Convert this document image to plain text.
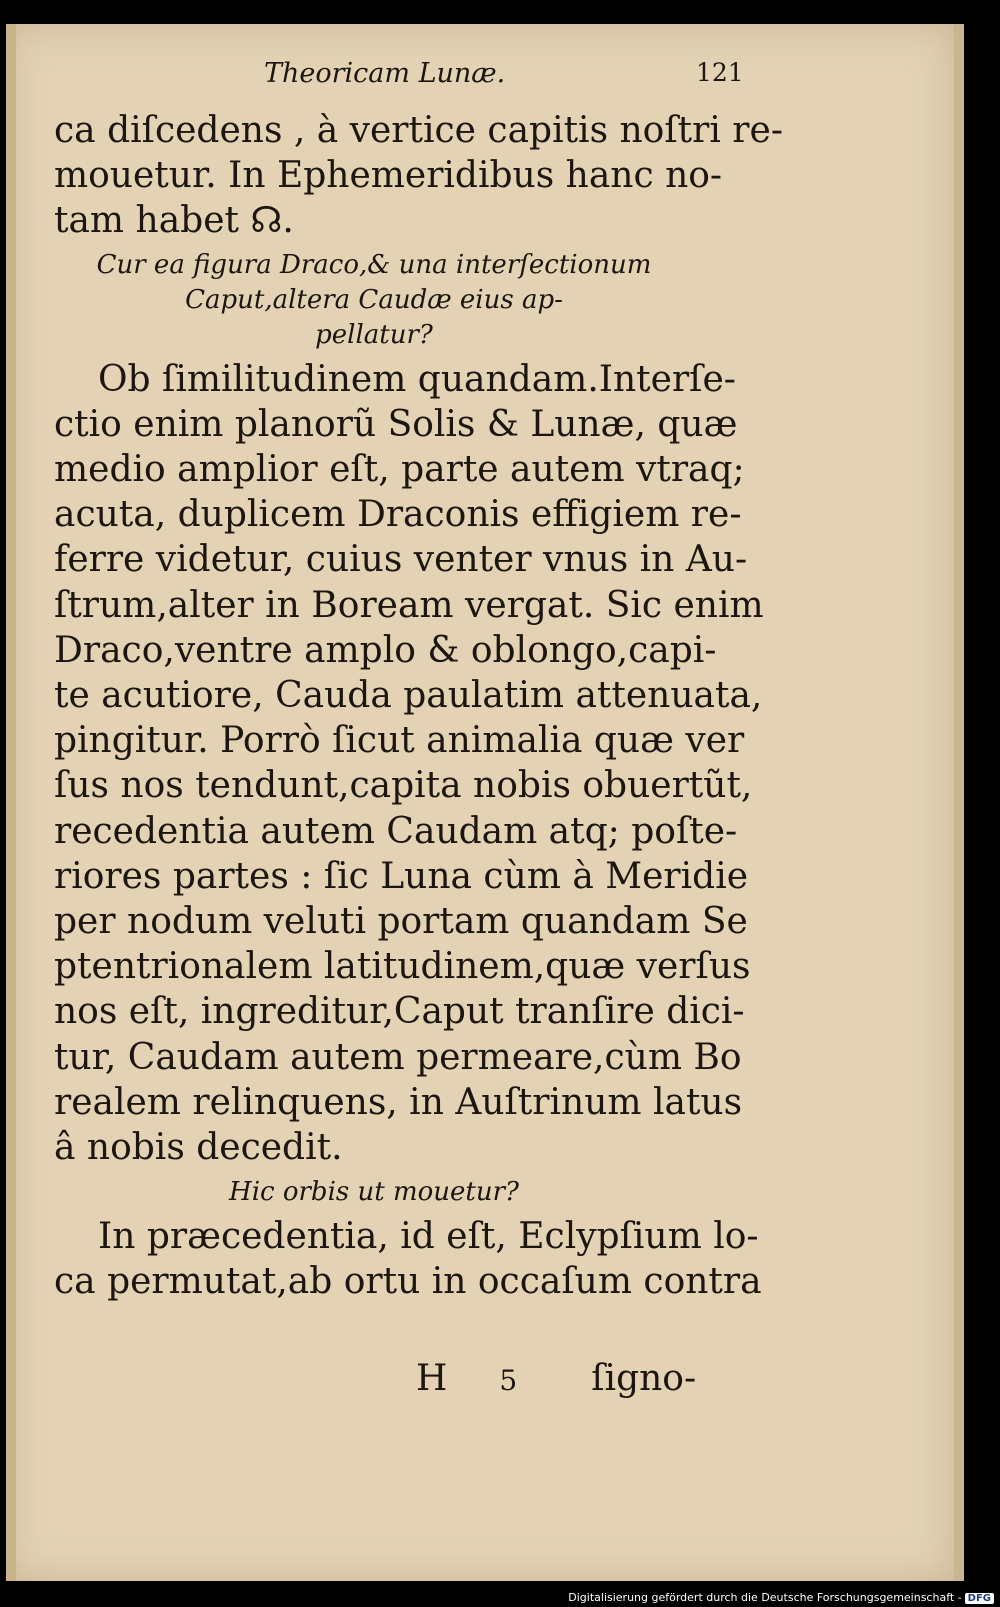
Theoricam Lunæ.	121
ca diſcedens , à vertice capitis noſtri re-
mouetur. In Ephemeridibus hanc no-
tam habet ☊.
Cur ea figura Draco,& una interſectionum
Caput,altera Caudæ eius ap-
pellatur?
Ob ſimilitudinem quandam.Interſe-
ctio enim planorũ Solis & Lunæ, quæ
medio amplior eſt, parte autem vtraq;
acuta, duplicem Draconis effigiem re-
ferre videtur, cuius venter vnus in Au-
ſtrum,alter in Boream vergat. Sic enim
Draco,ventre amplo & oblongo,capi-
te acutiore, Cauda paulatim attenuata,
pingitur. Porrò ſicut animalia quæ ver
ſus nos tendunt,capita nobis obuertũt,
recedentia autem Caudam atq; poſte-
riores partes : ſic Luna cùm à Meridie
per nodum veluti portam quandam Se
ptentrionalem latitudinem,quæ verſus
nos eſt, ingreditur,Caput tranſire dici-
tur, Caudam autem permeare,cùm Bo
realem relinquens, in Auſtrinum latus
â nobis decedit.
Hic orbis ut mouetur?
In præcedentia, id eſt, Eclypſium lo-
ca permutat,ab ortu in occaſum contra
H 5 ſigno-
Digitalisierung gefördert durch die Deutsche Forschungsgemeinschaft - DFG
